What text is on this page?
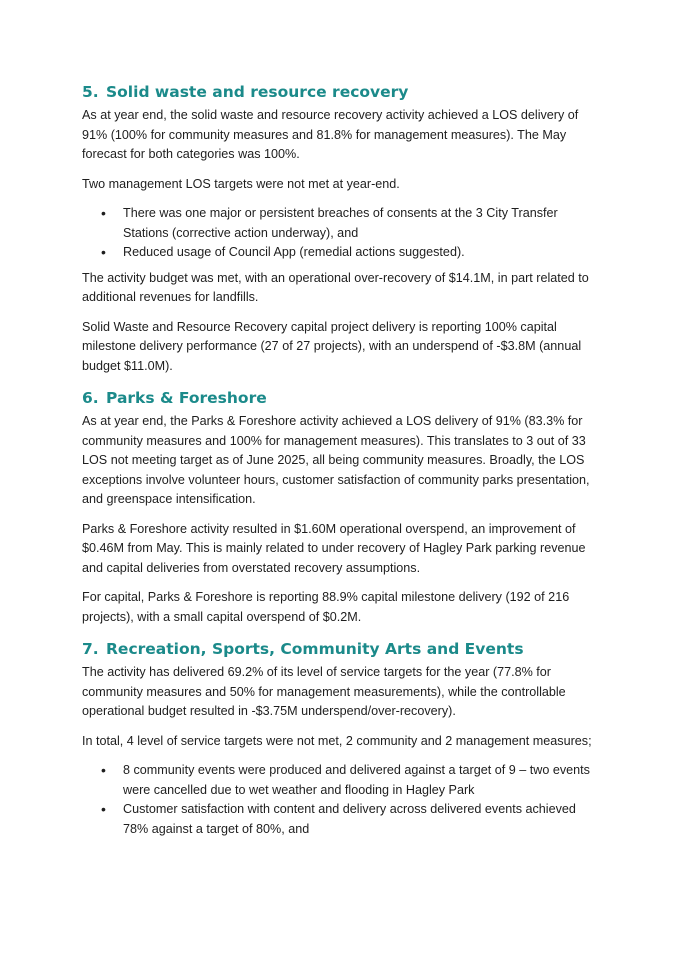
5. Solid waste and resource recovery

As at year end, the solid waste and resource recovery activity achieved a LOS delivery of 91% (100% for community measures and 81.8% for management measures). The May forecast for both categories was 100%.

Two management LOS targets were not met at year-end.

• There was one major or persistent breaches of consents at the 3 City Transfer Stations (corrective action underway), and
• Reduced usage of Council App (remedial actions suggested).

The activity budget was met, with an operational over-recovery of $14.1M, in part related to additional revenues for landfills.

Solid Waste and Resource Recovery capital project delivery is reporting 100% capital milestone delivery performance (27 of 27 projects), with an underspend of -$3.8M (annual budget $11.0M).

6. Parks & Foreshore

As at year end, the Parks & Foreshore activity achieved a LOS delivery of 91% (83.3% for community measures and 100% for management measures). This translates to 3 out of 33 LOS not meeting target as of June 2025, all being community measures. Broadly, the LOS exceptions involve volunteer hours, customer satisfaction of community parks presentation, and greenspace intensification.

Parks & Foreshore activity resulted in $1.60M operational overspend, an improvement of $0.46M from May. This is mainly related to under recovery of Hagley Park parking revenue and capital deliveries from overstated recovery assumptions.

For capital, Parks & Foreshore is reporting 88.9% capital milestone delivery (192 of 216 projects), with a small capital overspend of $0.2M.

7. Recreation, Sports, Community Arts and Events

The activity has delivered 69.2% of its level of service targets for the year (77.8% for community measures and 50% for management measurements), while the controllable operational budget resulted in -$3.75M underspend/over-recovery).

In total, 4 level of service targets were not met, 2 community and 2 management measures;

• 8 community events were produced and delivered against a target of 9 – two events were cancelled due to wet weather and flooding in Hagley Park
• Customer satisfaction with content and delivery across delivered events achieved 78% against a target of 80%, and
